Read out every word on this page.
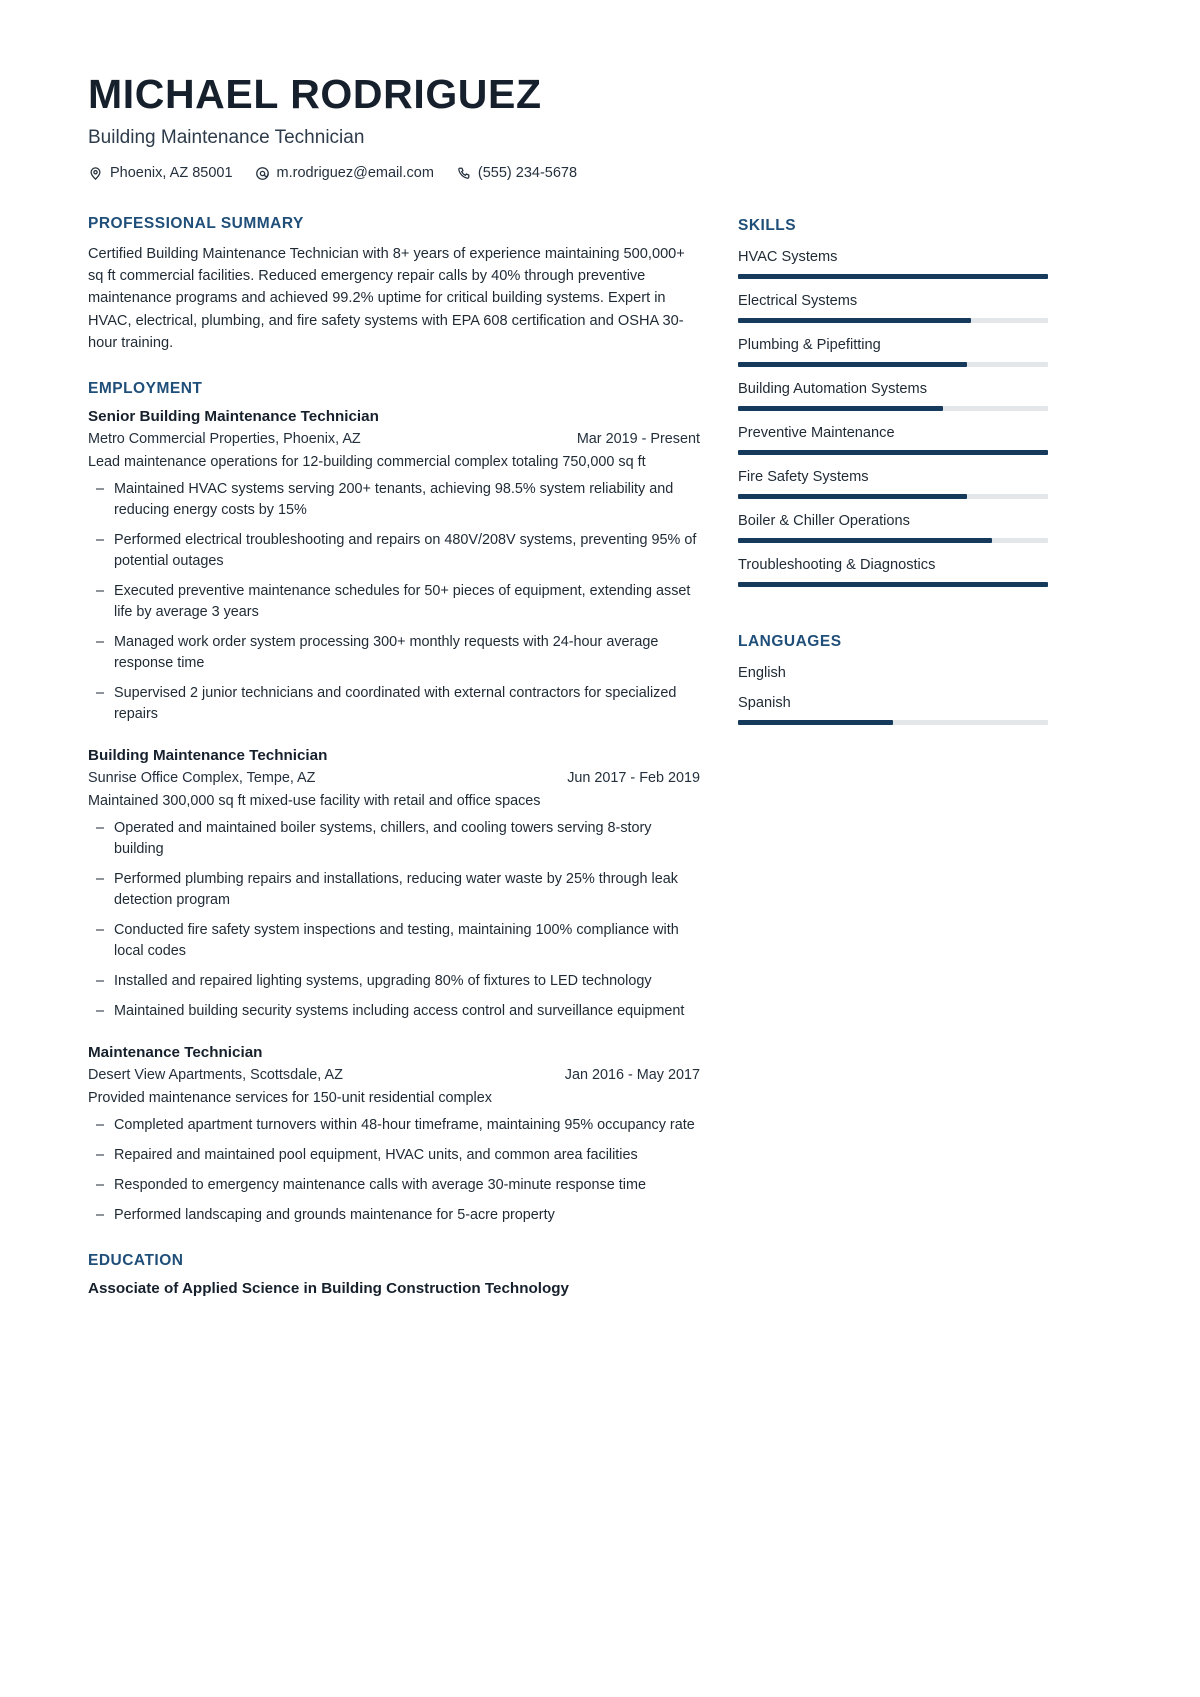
MICHAEL RODRIGUEZ
Building Maintenance Technician
Phoenix, AZ 85001	m.rodriguez@email.com	(555) 234-5678
PROFESSIONAL SUMMARY
Certified Building Maintenance Technician with 8+ years of experience maintaining 500,000+ sq ft commercial facilities. Reduced emergency repair calls by 40% through preventive maintenance programs and achieved 99.2% uptime for critical building systems. Expert in HVAC, electrical, plumbing, and fire safety systems with EPA 608 certification and OSHA 30-hour training.
EMPLOYMENT
Senior Building Maintenance Technician
Metro Commercial Properties, Phoenix, AZ	Mar 2019 - Present
Lead maintenance operations for 12-building commercial complex totaling 750,000 sq ft
– Maintained HVAC systems serving 200+ tenants, achieving 98.5% system reliability and reducing energy costs by 15%
– Performed electrical troubleshooting and repairs on 480V/208V systems, preventing 95% of potential outages
– Executed preventive maintenance schedules for 50+ pieces of equipment, extending asset life by average 3 years
– Managed work order system processing 300+ monthly requests with 24-hour average response time
– Supervised 2 junior technicians and coordinated with external contractors for specialized repairs
Building Maintenance Technician
Sunrise Office Complex, Tempe, AZ	Jun 2017 - Feb 2019
Maintained 300,000 sq ft mixed-use facility with retail and office spaces
– Operated and maintained boiler systems, chillers, and cooling towers serving 8-story building
– Performed plumbing repairs and installations, reducing water waste by 25% through leak detection program
– Conducted fire safety system inspections and testing, maintaining 100% compliance with local codes
– Installed and repaired lighting systems, upgrading 80% of fixtures to LED technology
– Maintained building security systems including access control and surveillance equipment
Maintenance Technician
Desert View Apartments, Scottsdale, AZ	Jan 2016 - May 2017
Provided maintenance services for 150-unit residential complex
– Completed apartment turnovers within 48-hour timeframe, maintaining 95% occupancy rate
– Repaired and maintained pool equipment, HVAC units, and common area facilities
– Responded to emergency maintenance calls with average 30-minute response time
– Performed landscaping and grounds maintenance for 5-acre property
EDUCATION
Associate of Applied Science in Building Construction Technology
SKILLS
HVAC Systems
Electrical Systems
Plumbing & Pipefitting
Building Automation Systems
Preventive Maintenance
Fire Safety Systems
Boiler & Chiller Operations
Troubleshooting & Diagnostics
LANGUAGES
English
Spanish
